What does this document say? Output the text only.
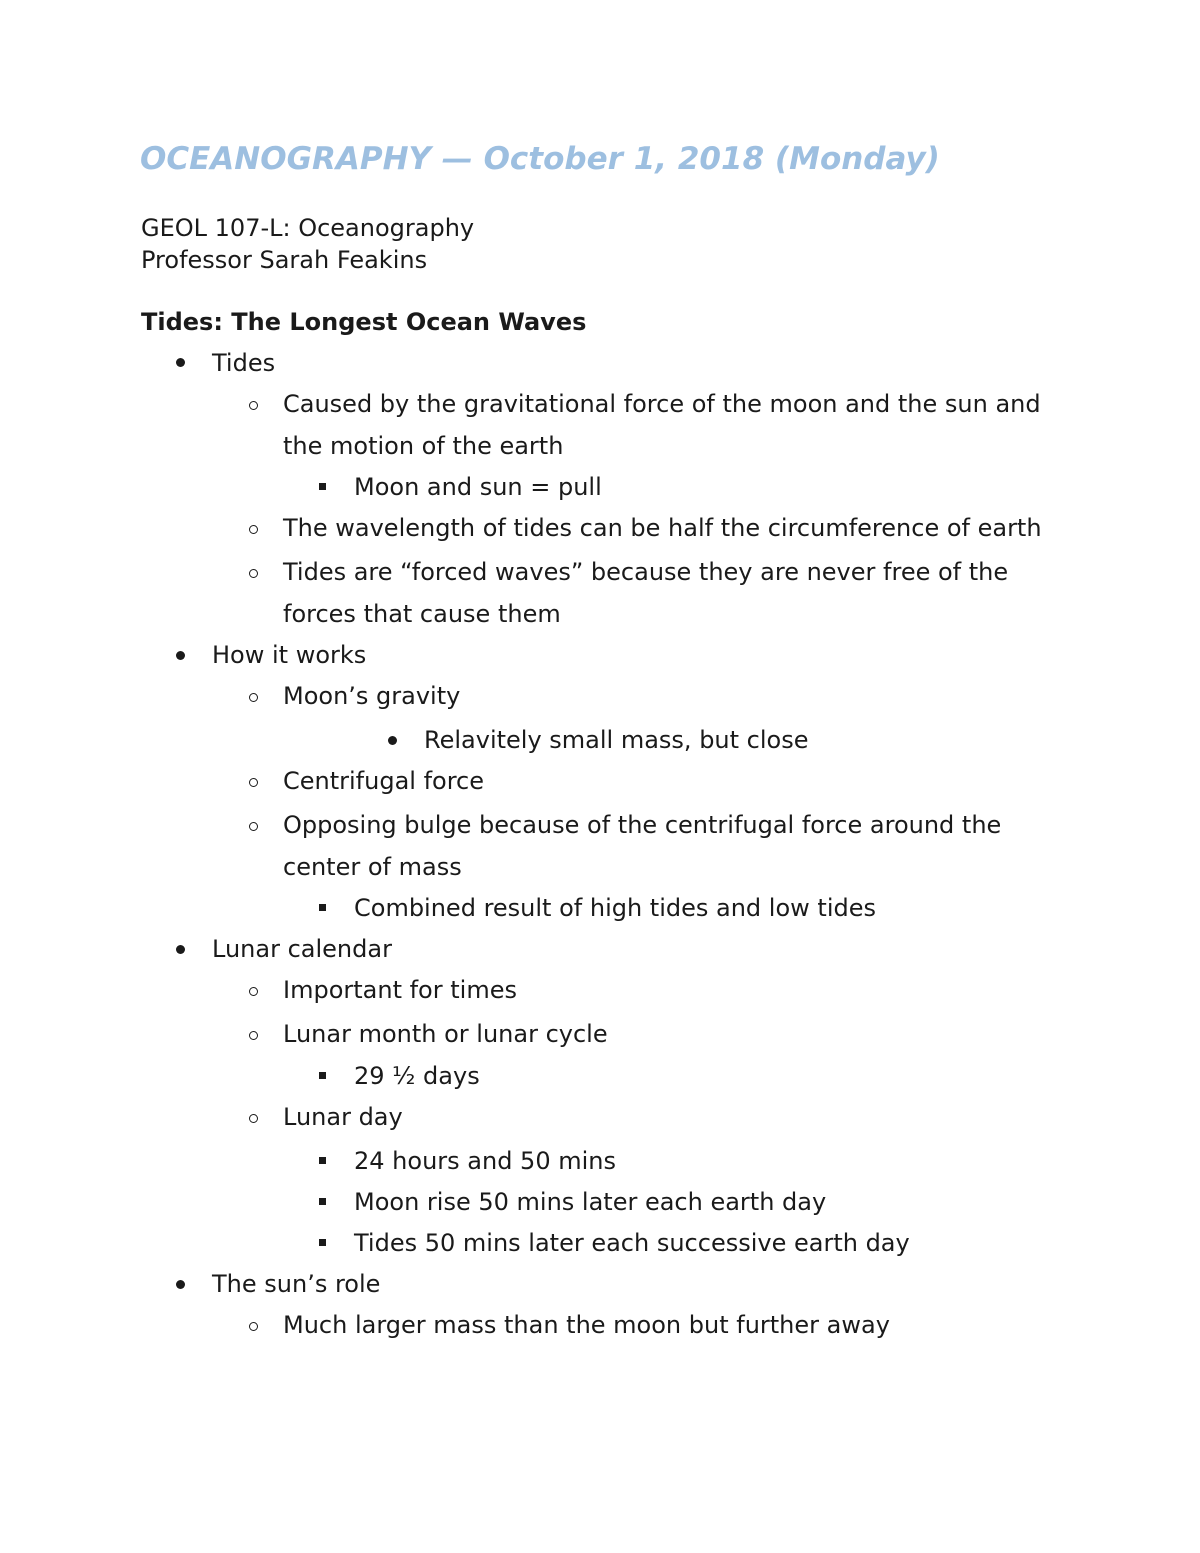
OCEANOGRAPHY — October 1, 2018 (Monday)
GEOL 107-L: Oceanography
Professor Sarah Feakins
Tides: The Longest Ocean Waves
Tides
Caused by the gravitational force of the moon and the sun and
the motion of the earth
Moon and sun = pull
The wavelength of tides can be half the circumference of earth
Tides are “forced waves” because they are never free of the
forces that cause them
How it works
Moon’s gravity
Relavitely small mass, but close
Centrifugal force
Opposing bulge because of the centrifugal force around the
center of mass
Combined result of high tides and low tides
Lunar calendar
Important for times
Lunar month or lunar cycle
29 ½ days
Lunar day
24 hours and 50 mins
Moon rise 50 mins later each earth day
Tides 50 mins later each successive earth day
The sun’s role
Much larger mass than the moon but further away
